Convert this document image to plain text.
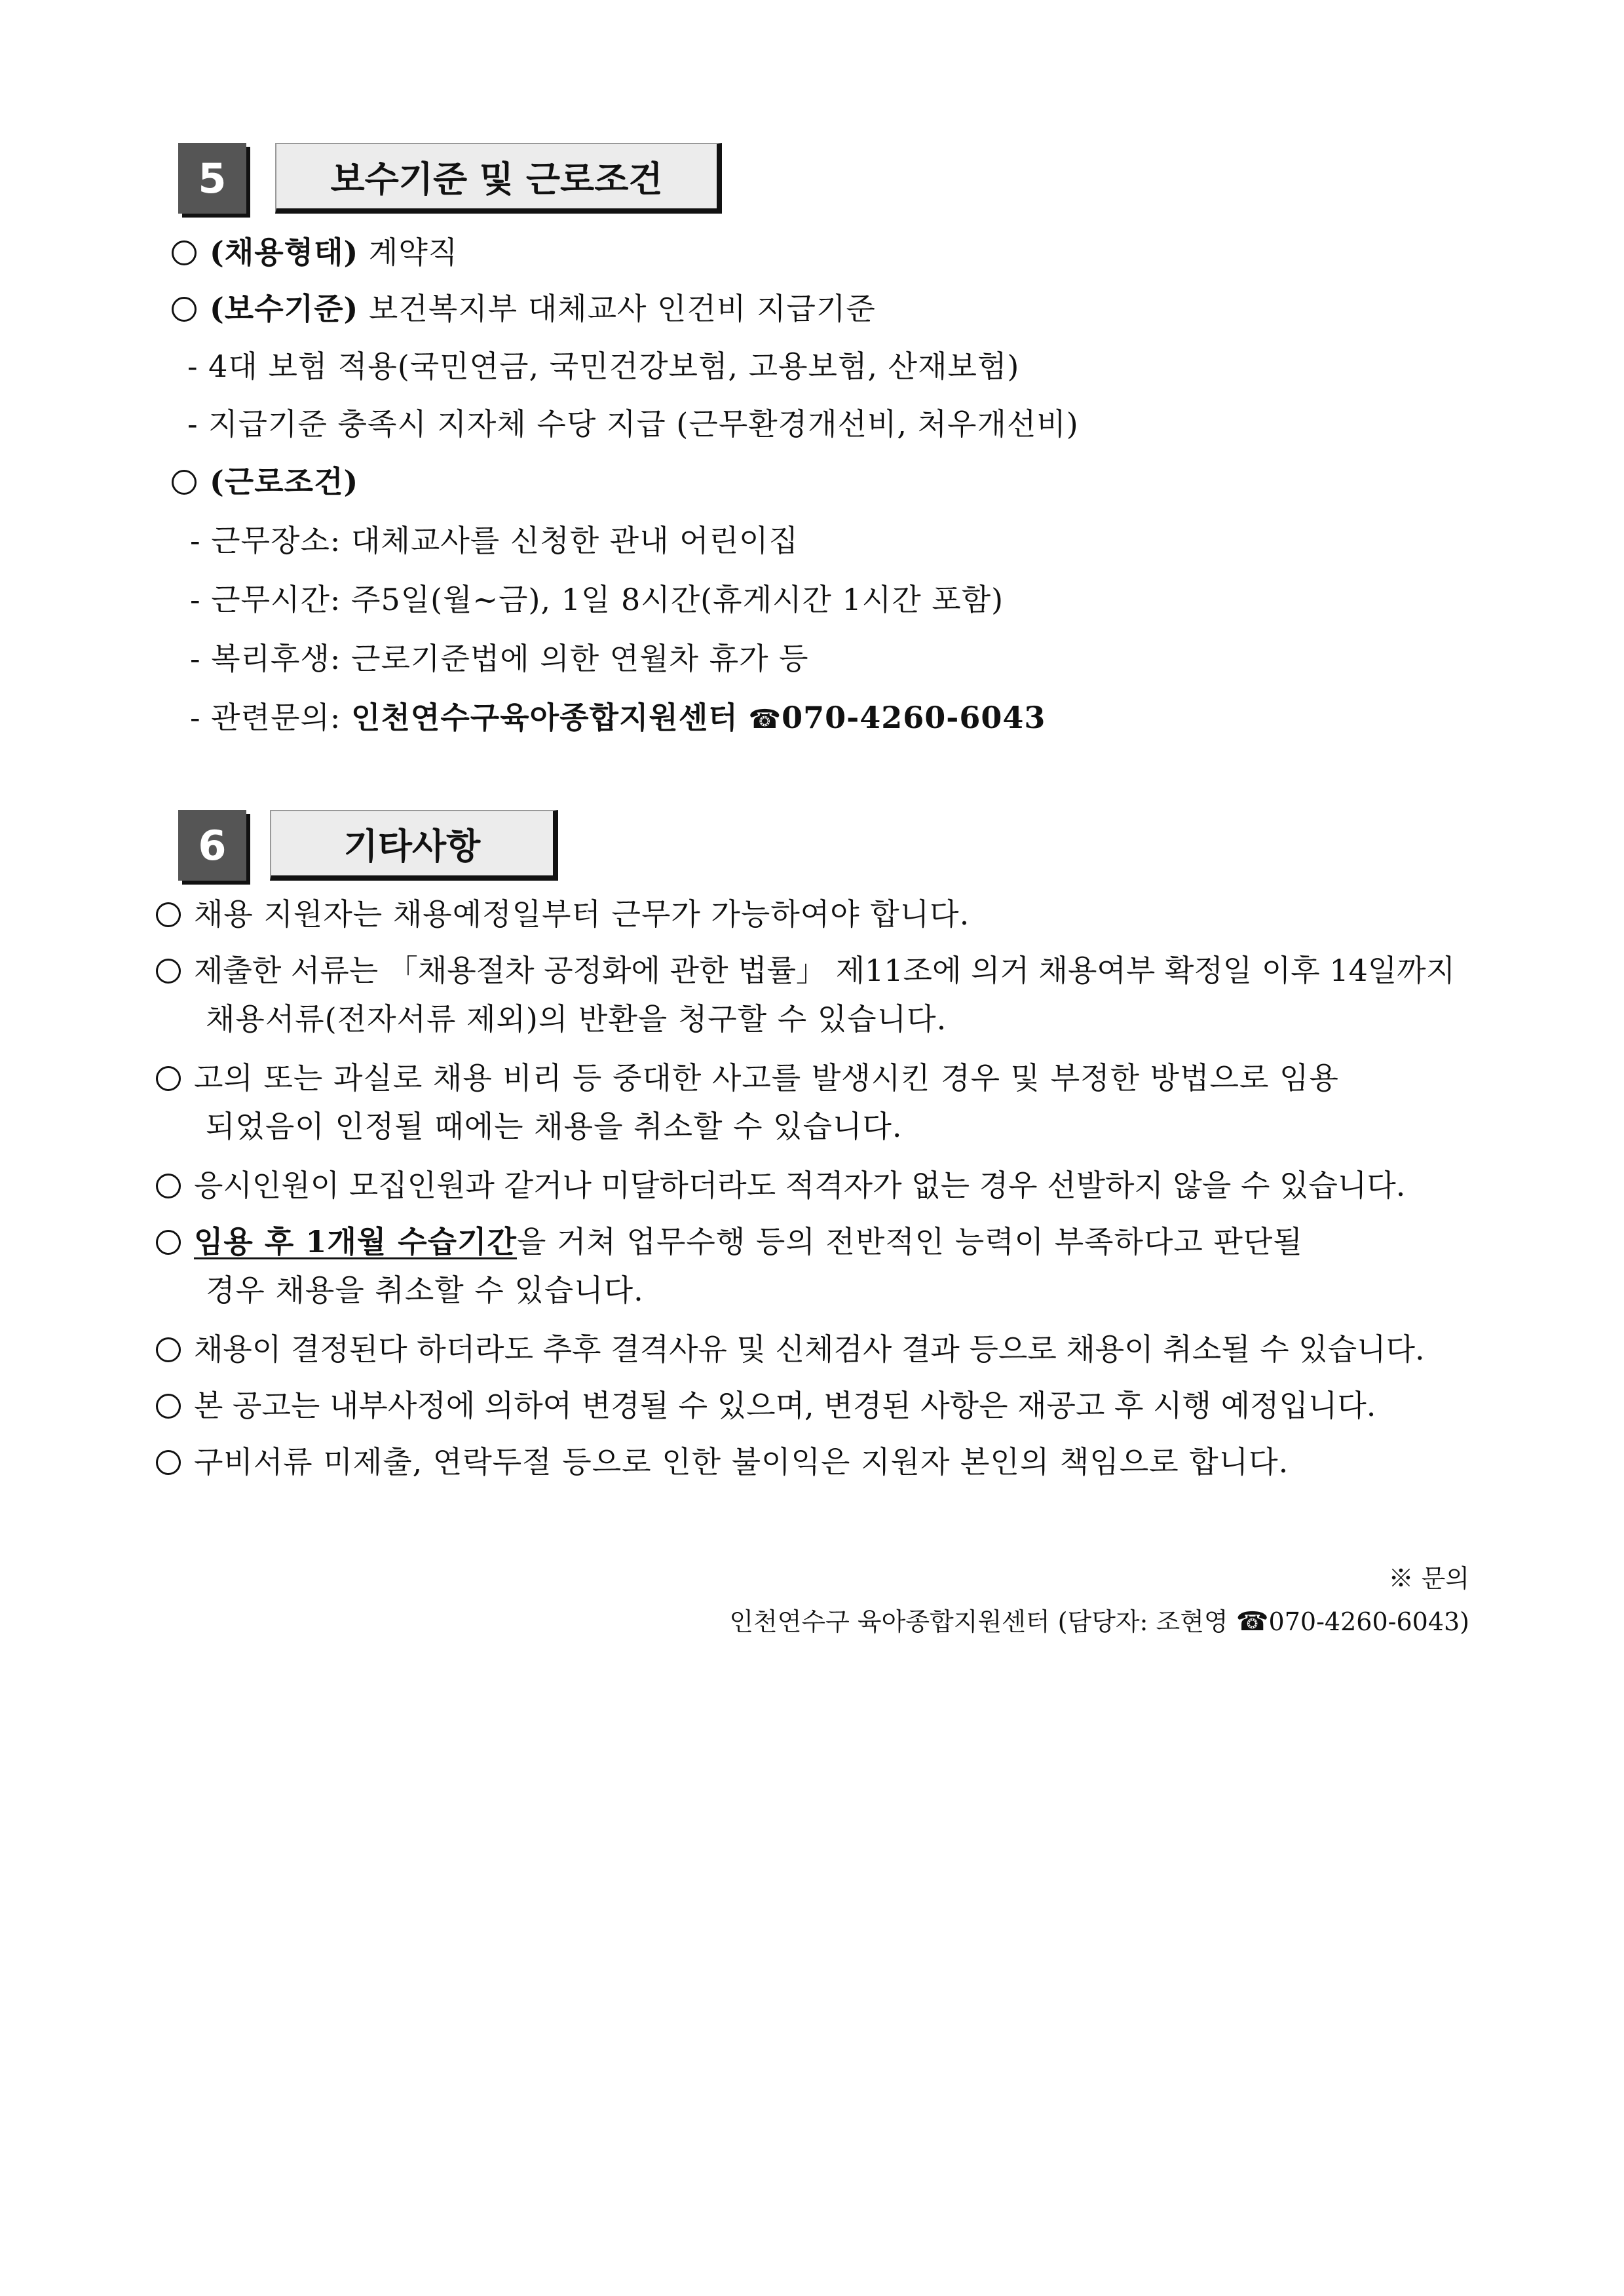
5	보수기준 및 근로조건
(채용형태) 계약직
(보수기준) 보건복지부 대체교사 인건비 지급기준
- 4대 보험 적용(국민연금, 국민건강보험, 고용보험, 산재보험)
- 지급기준 충족시 지자체 수당 지급 (근무환경개선비, 처우개선비)
(근로조건)
- 근무장소: 대체교사를 신청한 관내 어린이집
- 근무시간: 주5일(월~금), 1일 8시간(휴게시간 1시간 포함)
- 복리후생: 근로기준법에 의한 연월차 휴가 등
- 관련문의: 인천연수구육아종합지원센터 ☎070-4260-6043
6	기타사항
채용 지원자는 채용예정일부터 근무가 가능하여야 합니다.
제출한 서류는 「채용절차 공정화에 관한 법률」 제11조에 의거 채용여부 확정일 이후 14일까지
채용서류(전자서류 제외)의 반환을 청구할 수 있습니다.
고의 또는 과실로 채용 비리 등 중대한 사고를 발생시킨 경우 및 부정한 방법으로 임용
되었음이 인정될 때에는 채용을 취소할 수 있습니다.
응시인원이 모집인원과 같거나 미달하더라도 적격자가 없는 경우 선발하지 않을 수 있습니다.
임용 후 1개월 수습기간을 거쳐 업무수행 등의 전반적인 능력이 부족하다고 판단될
경우 채용을 취소할 수 있습니다.
채용이 결정된다 하더라도 추후 결격사유 및 신체검사 결과 등으로 채용이 취소될 수 있습니다.
본 공고는 내부사정에 의하여 변경될 수 있으며, 변경된 사항은 재공고 후 시행 예정입니다.
구비서류 미제출, 연락두절 등으로 인한 불이익은 지원자 본인의 책임으로 합니다.
※ 문의
인천연수구 육아종합지원센터 (담당자: 조현영 ☎070-4260-6043)
